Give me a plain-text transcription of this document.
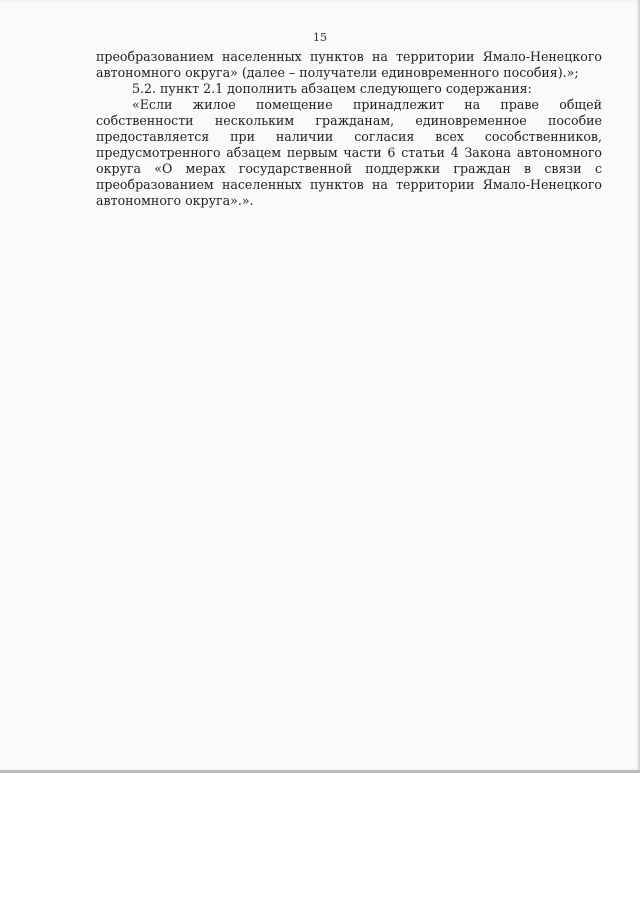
15

преобразованием населенных пунктов на территории Ямало-Ненецкого автономного округа» (далее – получатели единовременного пособия).»;

5.2. пункт 2.1 дополнить абзацем следующего содержания:

«Если жилое помещение принадлежит на праве общей собственности нескольким гражданам, единовременное пособие предоставляется при наличии согласия всех сособственников, предусмотренного абзацем первым части 6 статьи 4 Закона автономного округа «О мерах государственной поддержки граждан в связи с преобразованием населенных пунктов на территории Ямало-Ненецкого автономного округа».».
